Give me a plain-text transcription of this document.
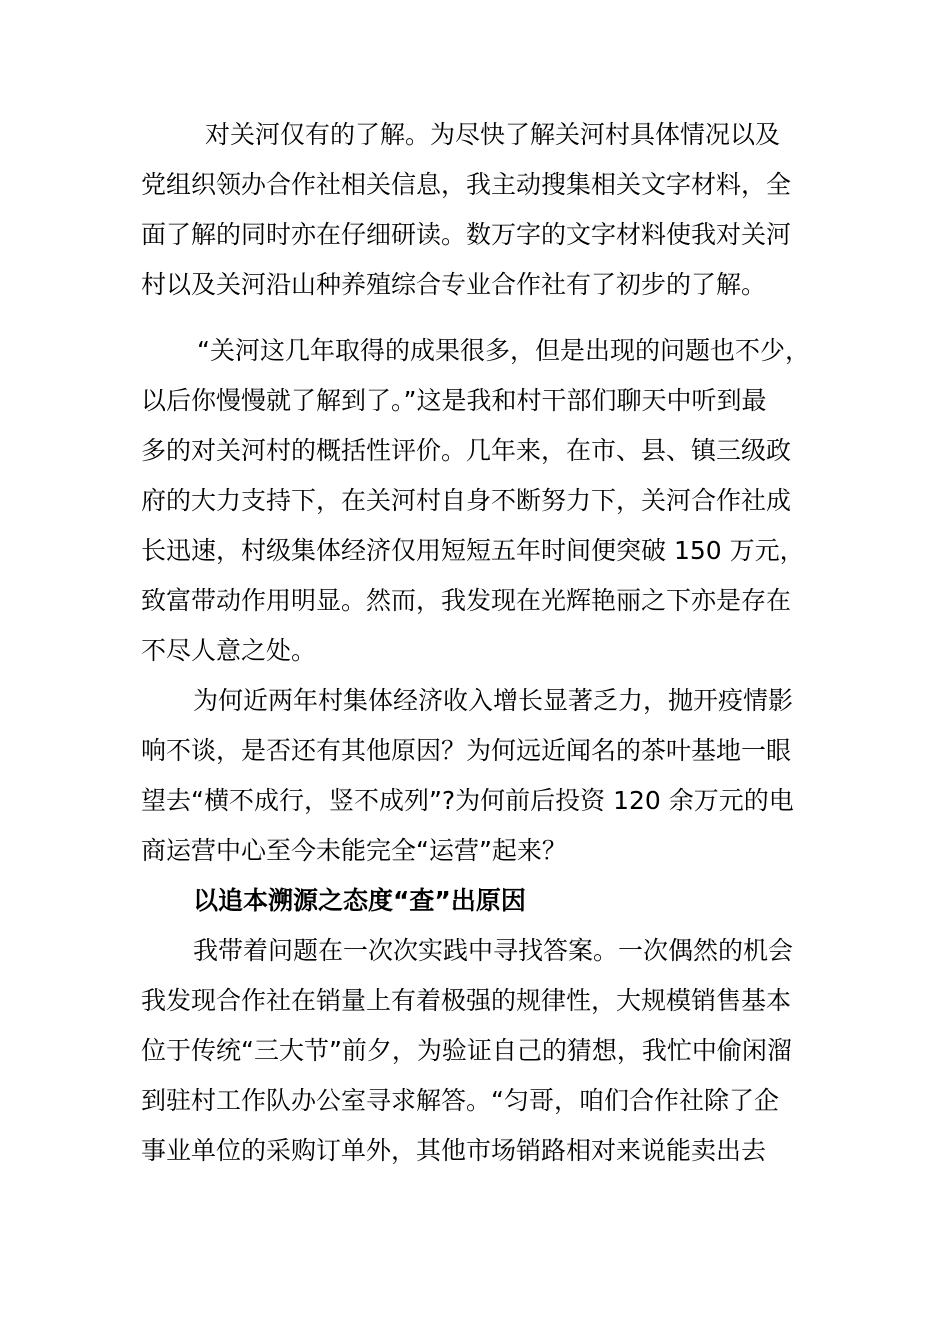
对关河仅有的了解。为尽快了解关河村具体情况以及
党组织领办合作社相关信息，我主动搜集相关文字材料，全
面了解的同时亦在仔细研读。数万字的文字材料使我对关河
村以及关河沿山种养殖综合专业合作社有了初步的了解。
“关河这几年取得的成果很多，但是出现的问题也不少，
以后你慢慢就了解到了。”这是我和村干部们聊天中听到最
多的对关河村的概括性评价。几年来，在市、县、镇三级政
府的大力支持下，在关河村自身不断努力下，关河合作社成
长迅速，村级集体经济仅用短短五年时间便突破 150 万元，
致富带动作用明显。然而，我发现在光辉艳丽之下亦是存在
不尽人意之处。
为何近两年村集体经济收入增长显著乏力，抛开疫情影
响不谈，是否还有其他原因？为何远近闻名的茶叶基地一眼
望去“横不成行，竖不成列”?为何前后投资 120 余万元的电
商运营中心至今未能完全“运营”起来？
以追本溯源之态度“查”出原因
我带着问题在一次次实践中寻找答案。一次偶然的机会
我发现合作社在销量上有着极强的规律性，大规模销售基本
位于传统“三大节”前夕，为验证自己的猜想，我忙中偷闲溜
到驻村工作队办公室寻求解答。“匀哥，咱们合作社除了企
事业单位的采购订单外，其他市场销路相对来说能卖出去
